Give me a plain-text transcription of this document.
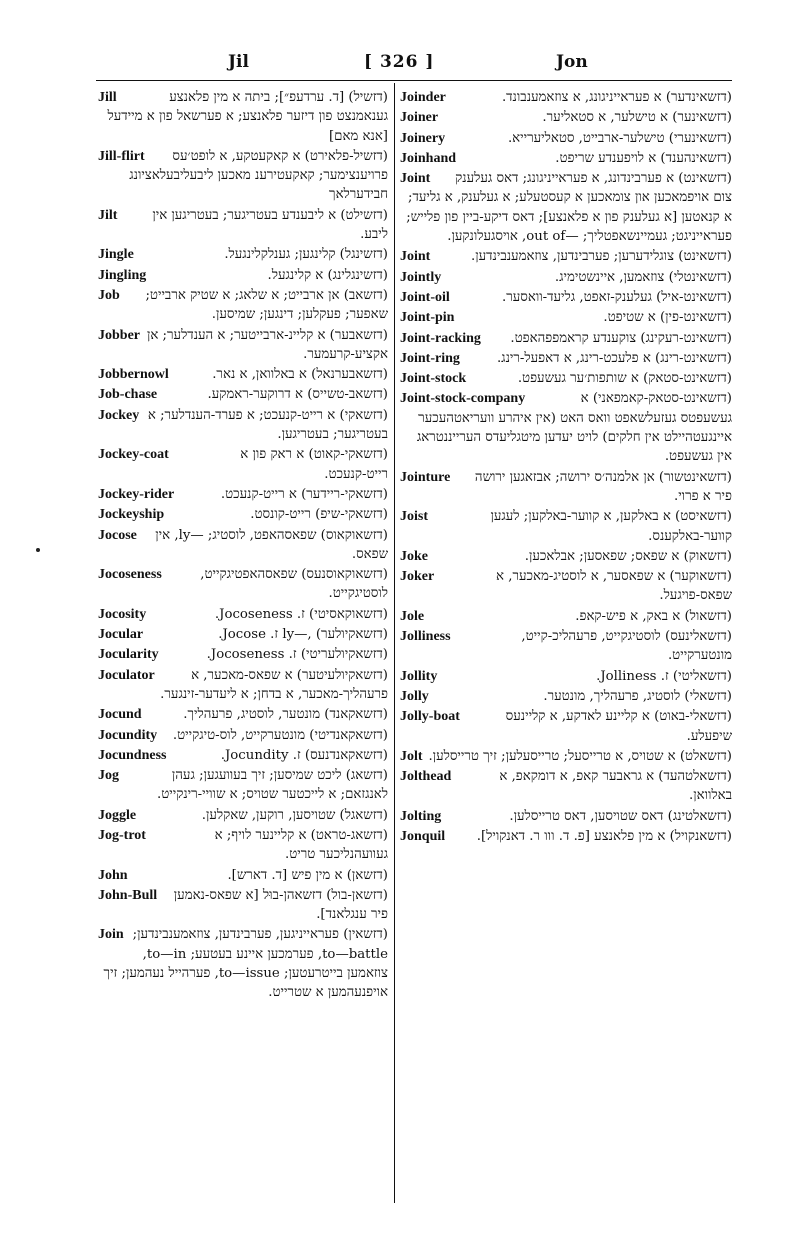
Jil	[ 326 ]	Jon
Jill	(דזשיל) [ד. ערדעפ״]; ביתה א מין פלאנצע גענאמנצט פון דיזער פלאנצע; א פערשאל פון א מיידעל [אנא מאם]
Jill-flirt	(דזשיל-פלאירט) א קאקעטקע, א לופט׳עס פרויענצימער; קאקעטירענ מאכען ליבעליבעלאציונג חבידערלאך
Jilt	(דזשילט) א ליבענדע בעטריגער; בעטריגען אין ליבע.
Jingle	(דזשינגל) קלינגען; גענלקלינגעל.
Jingling	(דזשינגלינג) א קלינגעל.
Job	(דזשאב) אן ארבייט; א שלאג; א שטיק ארבייט; שאפער; פעקלען; דינגען; שמיסען.
Jobber (דזשאבער) א קליינ-ארבייטער; א הענדלער; אן אקציע-קרעמער.
Jobbernowl	(דזשאבערנאל) א באלוואן, א נאר.
Job-chase	(דזשאב-טשייס) א דרוקער-ראמקע.
Jockey (דזשאקי) א רייט-קנעכט; א פערד-הענדלער; א בעטריגער; בעטריגען.
Jockey-coat	(דזשאקי-קאוט) א ראק פון א רייט-קנעכט.
Jockey-rider	(דזשאקי-ריידער) א רייט-קנעכט.
Jockeyship	(דזשאקי-שיפ) רייט-קונסט.
Jocose	(דזשאוקאוס) שפאסהאפט, לוסטיג; —ly, אין שפאס.
Jocoseness	(דזשאוקאוסנעס) שפאסהאפטיגקייט, לוסטיגקייט.
Jocosity	(דזשאוקאסיטי) ז. Jocoseness.
Jocular	(דזשאקיולער) ,—ly ז. Jocose.
Jocularity	(דזשאקיולעריטי) ז. Jocoseness.
Joculator	(דזשאקיולעיטער) א שפאס-מאכער, א פרעהליך-מאכער, א בדחן; א ליעדער-זינגער.
Jocund	(דזשאקאנד) מונטער, לוסטיג, פרעהליך.
Jocundity	(דזשאקאנדיטי) מונטערקייט, לוס-טיגקייט.
Jocundness	(דזשאקאנדנעס) ז. Jocundity.
Jog	(דזשאג) ליכט שמיסען; זיך בעוועגען; געהן לאנגזאם; א לייכטער שטויס; א שוויי-רינקייט.
Joggle	(דזשאגל) שטויסען, רוקען, שאקלען.
Jog-trot	(דזשאג-טראט) א קליינער לויף; א געוועהנליכער טריט.
John	(דזשאן) א מין פיש [ד. דארש].
John-Bull	(דזשאן-בול) דזשאהן-בוּל [א שפאס-נאמען פיר ענגלאנד].
Join (דזשאין) פעראייניגען, פערבינדען, צוזאמענבינדען; to—battle, פערמכען איינע בעטעע; to—in, צוזאמען בייטרעטען; to—issue, פערהייל נעהמען; זיך אויפנעהמען א שטרייט.
Joinder	(דזשאינדער) א פעראייניגונג, א צוזאמענבונד.
Joiner	(דזשאינער) א טישלער, א סטאליער.
Joinery	(דזשאינערי) טישלער-ארבייט, סטאליערייא.
Joinhand	(דזשאינהענד) א לויפענדע שריפט.
Joint	(דזשאינט) א פערבינדונג, א פעראייניגונג; דאס געלענק צום אויפמאכען און צומאכען א קעסטעלע; א געלענק, א גליעד; א קנאטען [א געלענק פון א פלאנצע]; דאס דיקע-ביין פון פלייש; פעראייניגט; געמיינשאפטליך; —out of, אויסגעלונקען.
Joint	(דזשאינט) צוגלידערען; פערבינדען, צוזאמענבינדען.
Jointly	(דזשאינטלי) צוזאמען, איינשטימיג.
Joint-oil	(דזשאינט-איל) געלענק-זאפט, גליעד-וואסער.
Joint-pin	(דזשאינט-פין) א שטיפט.
Joint-racking	(דזשאינט-רעקינג) צוקענדע קראמפפהאפט.
Joint-ring	(דזשאינט-רינג) א פלעכט-רינג, א דאפעל-רינג.
Joint-stock	(דזשאינט-סטאק) א שותפות׳ער געשעפט.
Joint-stock-company	(דזשאינט-סטאק-קאמפאני) א געשעפטס געזעלשאפט וואס האט (אין איהרע וועריאטהעכער איינגעטהיילט אין חלקים) לויט יעדען מיטגליעדס הערייננטראג אין געשעפט.
Jointure	(דזשאינטשור) אן אלמנה׳ס ירושה; אבזאגען ירושה פיר א פרוי.
Joist	(דזשאיסט) א באלקען, א קווער-באלקען; לעגען קווער-באלקענס.
Joke	(דזשאוק) א שפאס; שפאסען; אבלאכען.
Joker	(דזשאוקער) א שפאסער, א לוסטיג-מאכער, א שפאס-פויגעל.
Jole	(דזשאול) א באק, א פיש-קאפ.
Jolliness	(דזשאלינעס) לוסטיגקייט, פרעהליכ-קייט, מונטערקייט.
Jollity	(דזשאליטי) ז. Jolliness.
Jolly	(דזשאלי) לוסטיג, פרעהליך, מונטער.
Jolly-boat	(דזשאלי-באוט) א קליינע לאדקע, א קליינעס שיפעלע.
Jolt (דזשאלט) א שטויס, א טרייסעל; טרייסעלען; זיך טרייסלען.
Jolthead	(דזשאלטהעד) א גראבער קאפ, א דומקאפ, א באלוואן.
Jolting	(דזשאלטינג) דאס שטויסען, דאס טרייסלען.
Jonquil	(דזשאנקויל) א מין פלאנצע [פ. ד. ווו ר. דאנקויל].
